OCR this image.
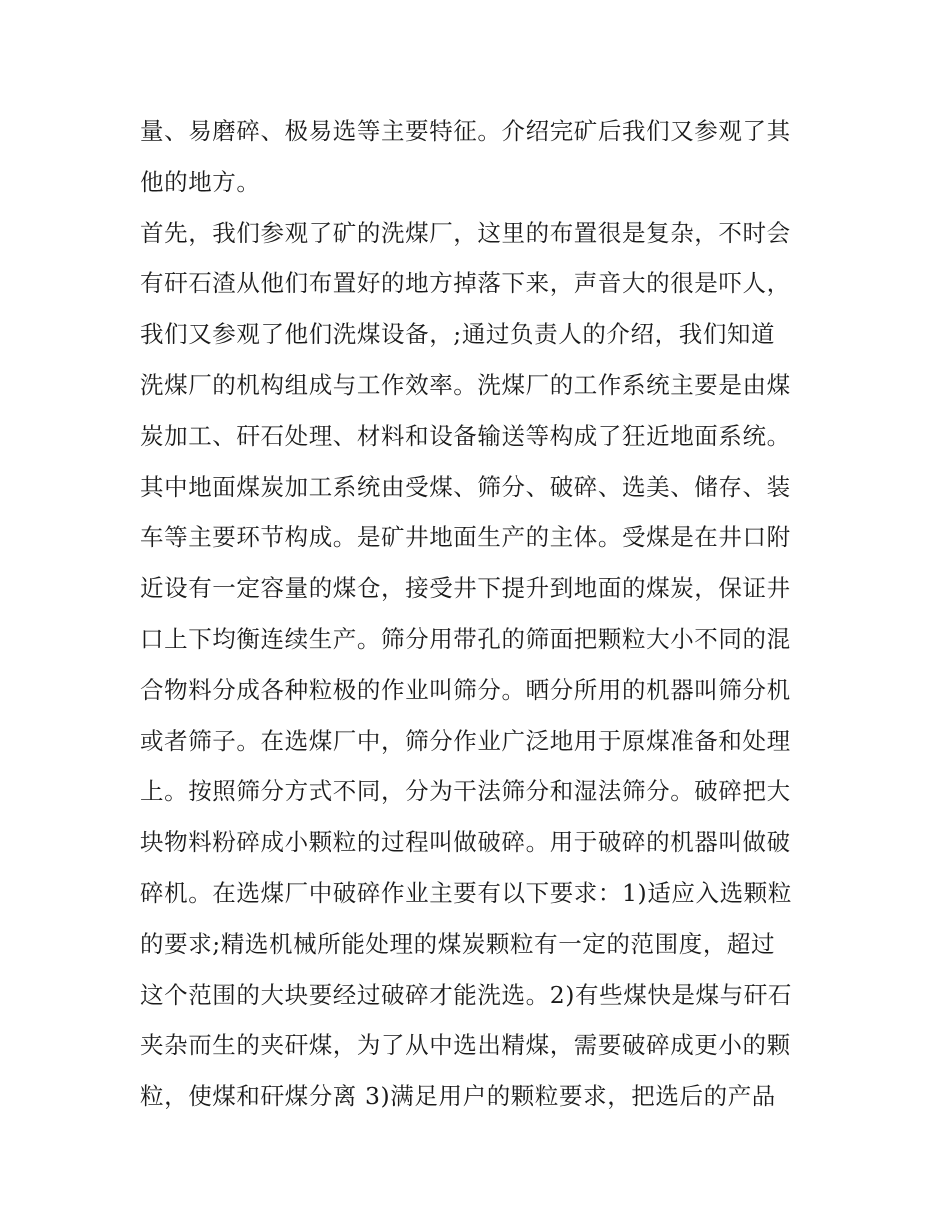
量、易磨碎、极易选等主要特征。介绍完矿后我们又参观了其
他的地方。
首先，我们参观了矿的洗煤厂，这里的布置很是复杂，不时会
有矸石渣从他们布置好的地方掉落下来，声音大的很是吓人，
我们又参观了他们洗煤设备，;通过负责人的介绍，我们知道
洗煤厂的机构组成与工作效率。洗煤厂的工作系统主要是由煤
炭加工、矸石处理、材料和设备输送等构成了狂近地面系统。
其中地面煤炭加工系统由受煤、筛分、破碎、选美、储存、装
车等主要环节构成。是矿井地面生产的主体。受煤是在井口附
近设有一定容量的煤仓，接受井下提升到地面的煤炭，保证井
口上下均衡连续生产。筛分用带孔的筛面把颗粒大小不同的混
合物料分成各种粒极的作业叫筛分。晒分所用的机器叫筛分机
或者筛子。在选煤厂中，筛分作业广泛地用于原煤准备和处理
上。按照筛分方式不同，分为干法筛分和湿法筛分。破碎把大
块物料粉碎成小颗粒的过程叫做破碎。用于破碎的机器叫做破
碎机。在选煤厂中破碎作业主要有以下要求：1)适应入选颗粒
的要求;精选机械所能处理的煤炭颗粒有一定的范围度，超过
这个范围的大块要经过破碎才能洗选。2)有些煤快是煤与矸石
夹杂而生的夹矸煤，为了从中选出精煤，需要破碎成更小的颗
粒，使煤和矸煤分离 3)满足用户的颗粒要求，把选后的产品
